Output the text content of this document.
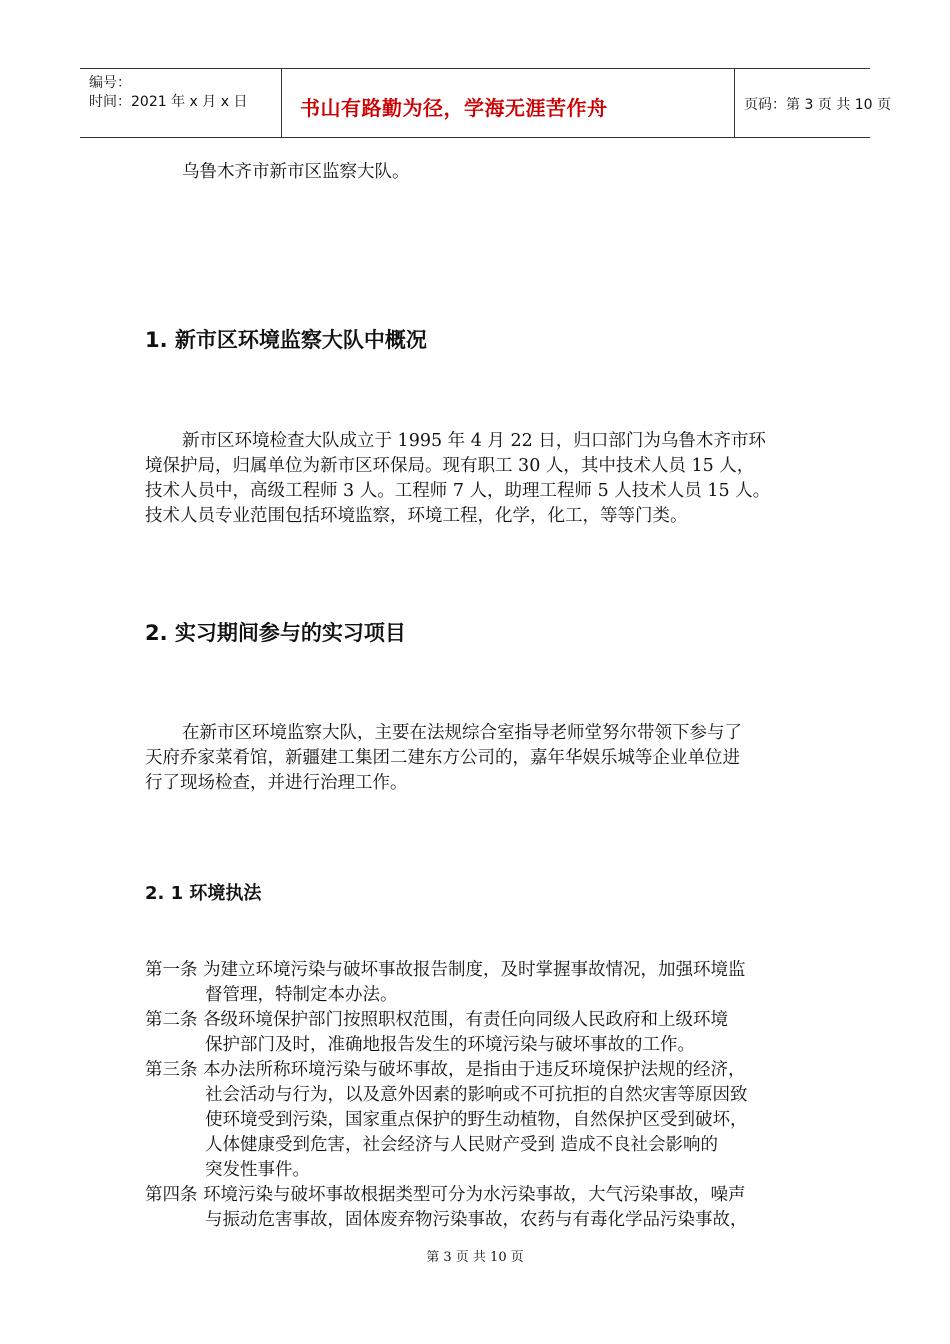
编号：
时间：2021 年 x 月 x 日	书山有路勤为径，学海无涯苦作舟	页码：第 3 页 共 10 页
乌鲁木齐市新市区监察大队。
1. 新市区环境监察大队中概况
新市区环境检查大队成立于 1995 年 4 月 22 日，归口部门为乌鲁木齐市环
境保护局，归属单位为新市区环保局。现有职工 30 人，其中技术人员 15 人，
技术人员中，高级工程师 3 人。工程师 7 人，助理工程师 5 人技术人员 15 人。
技术人员专业范围包括环境监察，环境工程，化学，化工，等等门类。
2. 实习期间参与的实习项目
在新市区环境监察大队，主要在法规综合室指导老师堂努尔带领下参与了
天府乔家菜肴馆，新疆建工集团二建东方公司的，嘉年华娱乐城等企业单位进
行了现场检查，并进行治理工作。
2. 1 环境执法
第一条 为建立环境污染与破坏事故报告制度，及时掌握事故情况，加强环境监
督管理，特制定本办法。
第二条 各级环境保护部门按照职权范围，有责任向同级人民政府和上级环境
保护部门及时，准确地报告发生的环境污染与破坏事故的工作。
第三条 本办法所称环境污染与破坏事故，是指由于违反环境保护法规的经济，
社会活动与行为，以及意外因素的影响或不可抗拒的自然灾害等原因致
使环境受到污染，国家重点保护的野生动植物，自然保护区受到破坏，
人体健康受到危害，社会经济与人民财产受到 造成不良社会影响的
突发性事件。
第四条 环境污染与破坏事故根据类型可分为水污染事故，大气污染事故，噪声
与振动危害事故，固体废弃物污染事故，农药与有毒化学品污染事故，
第 3 页 共 10 页
